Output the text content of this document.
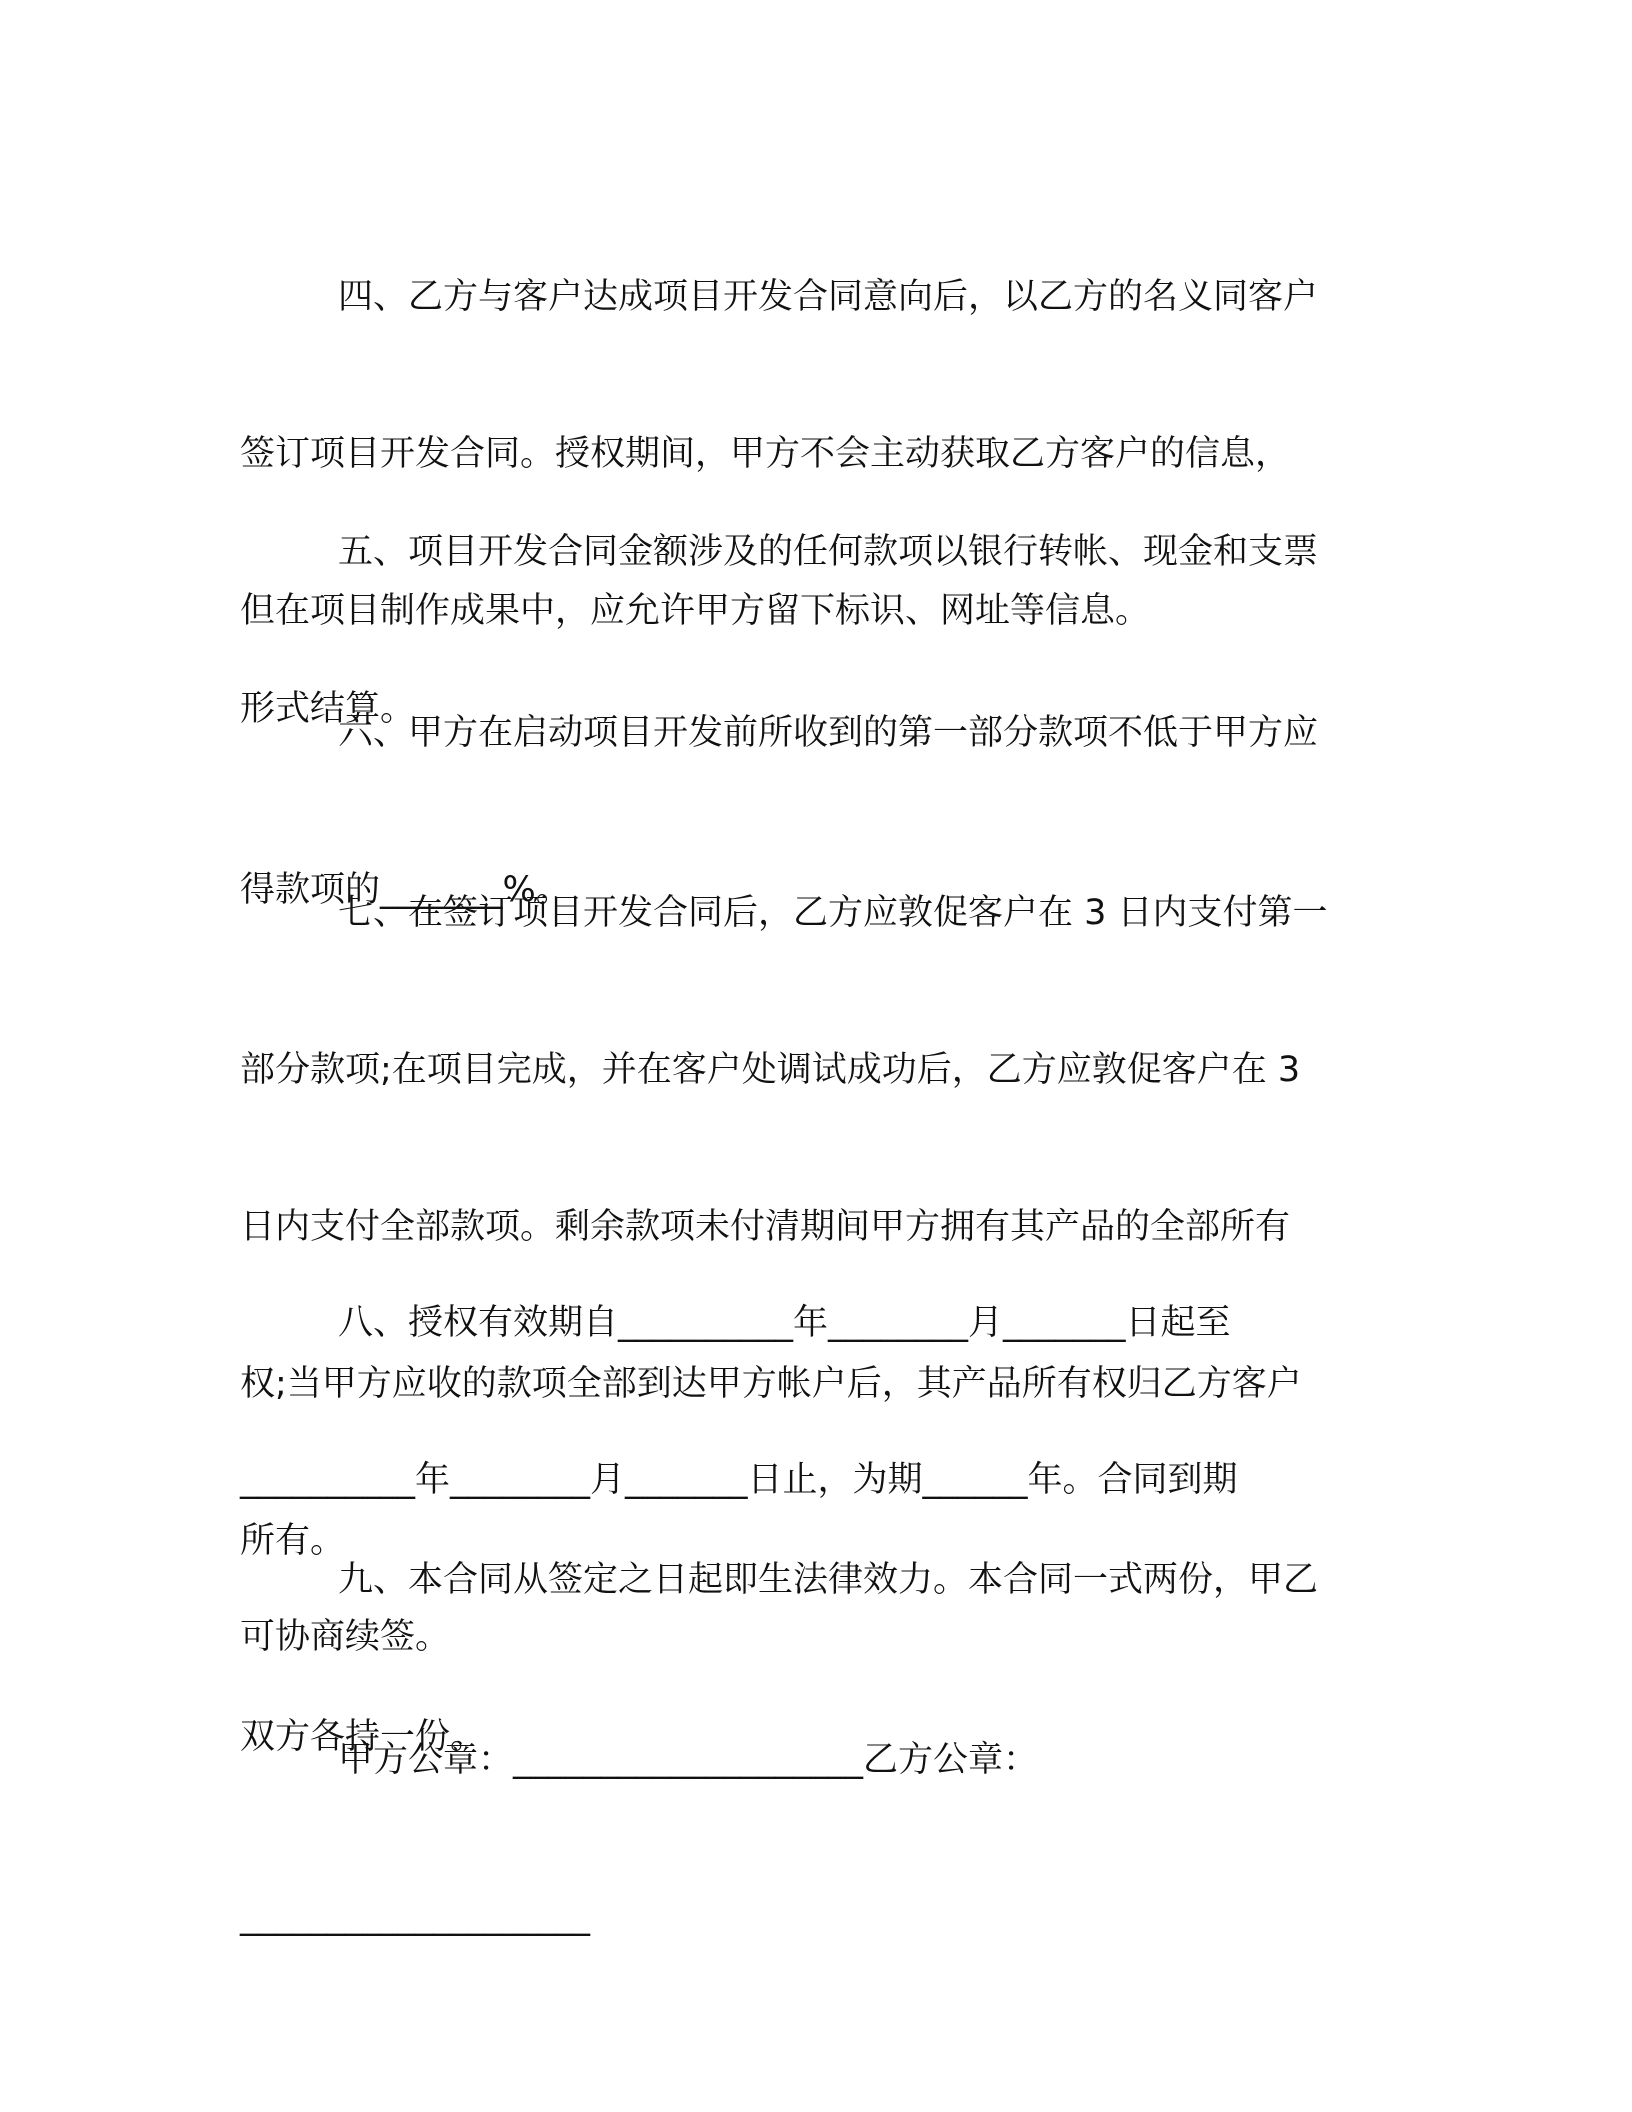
四、乙方与客户达成项目开发合同意向后，以乙方的名义同客户

签订项目开发合同。授权期间，甲方不会主动获取乙方客户的信息，

但在项目制作成果中，应允许甲方留下标识、网址等信息。

五、项目开发合同金额涉及的任何款项以银行转帐、现金和支票

形式结算。

六、甲方在启动项目开发前所收到的第一部分款项不低于甲方应

得款项的_______%。

七、在签订项目开发合同后，乙方应敦促客户在 3 日内支付第一

部分款项;在项目完成，并在客户处调试成功后，乙方应敦促客户在 3

日内支付全部款项。剩余款项未付清期间甲方拥有其产品的全部所有

权;当甲方应收的款项全部到达甲方帐户后，其产品所有权归乙方客户

所有。

八、授权有效期自__________年________月_______日起至

__________年________月_______日止，为期______年。合同到期

可协商续签。

九、本合同从签定之日起即生法律效力。本合同一式两份，甲乙

双方各持一份。

甲方公章：____________________乙方公章：

____________________
